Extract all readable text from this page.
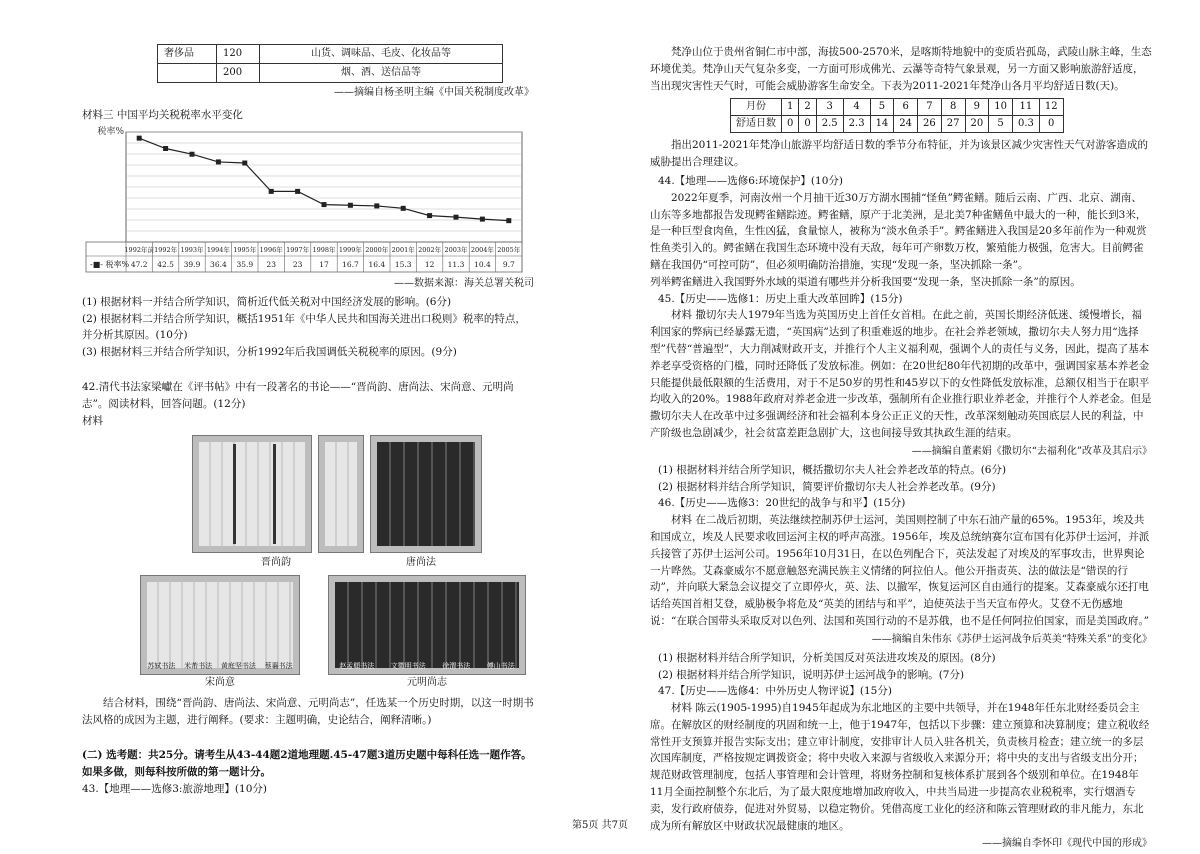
奢侈品	120	山货、调味品、毛皮、化妆品等
	200	烟、酒、送信品等

——摘编自杨圣明主编《中国关税制度改革》

材料三 中国平均关税税率水平变化

税率%
1992年前 1992年 1993年 1994年 1995年 1996年 1997年 1998年 1999年 2000年 2001年 2002年 2003年 2004年 2005年
-■- 税率% 47.2 42.5 39.9 36.4 35.9 23 23 17 16.7 16.4 15.3 12 11.3 10.4 9.7

——数据来源：海关总署关税司

(1) 根据材料一并结合所学知识，简析近代低关税对中国经济发展的影响。(6分)

(2) 根据材料二并结合所学知识，概括1951年《中华人民共和国海关进出口税则》税率的特点，并分析其原因。(10分)

(3) 根据材料三并结合所学知识，分析1992年后我国调低关税税率的原因。(9分)

42.清代书法家梁巘在《评书帖》中有一段著名的书论——“晋尚韵、唐尚法、宋尚意、元明尚志”。阅读材料，回答问题。(12分)

材料

晋尚韵	唐尚法
苏轼书法 米芾书法 黄庭坚书法 蔡襄书法
宋尚意
赵孟頫书法 文徵明书法 徐渭书法 傅山书法
元明尚志

结合材料，围绕“晋尚韵、唐尚法、宋尚意、元明尚志”，任选某一个历史时期，以这一时期书法风格的成因为主题，进行阐释。(要求：主题明确，史论结合，阐释清晰。)

(二) 选考题：共25分。请考生从43-44题2道地理题.45-47题3道历史题中每科任选一题作答。如果多做，则每科按所做的第一题计分。

43.【地理——选修3:旅游地理】(10分)

梵净山位于贵州省铜仁市中部，海拔500-2570米，是喀斯特地貌中的变质岩孤岛，武陵山脉主峰，生态环境优美。梵净山天气复杂多变，一方面可形成佛光、云瀑等奇特气象景观，另一方面又影响旅游舒适度，当出现灾害性天气时，可能会威胁游客生命安全。下表为2011-2021年梵净山各月平均舒适日数(天)。

月份	1	2	3	4	5	6	7	8	9	10	11	12
舒适日数	0	0	2.5	2.3	14	24	26	27	20	5	0.3	0

指出2011-2021年梵净山旅游平均舒适日数的季节分布特征，并为该景区减少灾害性天气对游客造成的威胁提出合理建议。

44.【地理——选修6:环境保护】(10分)

2022年夏季，河南汝州一个月抽干近30万方湖水围捕“怪鱼”鳄雀鳝。随后云南、广西、北京、湖南、山东等多地都报告发现鳄雀鳝踪迹。鳄雀鳝，原产于北美洲，是北美7种雀鳝鱼中最大的一种，能长到3米，是一种巨型食肉鱼，生性凶猛，食量惊人，被称为“淡水鱼杀手”。鳄雀鳝进入我国是20多年前作为一种观赏性鱼类引入的。鳄雀鳝在我国生态环境中没有天敌，每年可产卵数万枚，繁殖能力极强，危害大。目前鳄雀鳝在我国仍“可控可防”，但必须明确防治措施，实现“发现一条，坚决抓除一条”。

列举鳄雀鳝进入我国野外水域的渠道有哪些并分析我国要“发现一条，坚决抓除一条”的原因。

45.【历史——选修1：历史上重大改革回眸】(15分)

材料 撒切尔夫人1979年当选为英国历史上首任女首相。在此之前，英国长期经济低迷、缓慢增长，福利国家的弊病已经暴露无遗，“英国病”达到了积重难返的地步。在社会养老领域，撒切尔夫人努力用“选择型”代替“普遍型”，大力削减财政开支，并推行个人主义福利观，强调个人的责任与义务，因此，提高了基本养老享受资格的门槛，同时还降低了发放标准。例如：在20世纪80年代初期的改革中，强调国家基本养老金只能提供最低限额的生活费用，对于不足50岁的男性和45岁以下的女性降低发放标准，总额仅相当于在职平均收入的20%。1988年政府对养老金进一步改革，强制所有企业推行职业养老金，并推行个人养老金。但是撒切尔夫人在改革中过多强调经济和社会福利本身公正正义的天性，改革深刻触动英国底层人民的利益，中产阶级也急剧减少，社会贫富差距急剧扩大，这也间接导致其执政生涯的结束。

——摘编自董素娟《撒切尔“去福利化”改革及其启示》

(1) 根据材料并结合所学知识，概括撒切尔夫人社会养老改革的特点。(6分)

(2) 根据材料并结合所学知识，简要评价撒切尔夫人社会养老改革。(9分)

46.【历史——选修3：20世纪的战争与和平】(15分)

材料 在二战后初期，英法继续控制苏伊士运河，美国则控制了中东石油产量的65%。1953年，埃及共和国成立，埃及人民要求收回运河主权的呼声高涨。1956年，埃及总统纳赛尔宣布国有化苏伊士运河，并派兵接管了苏伊士运河公司。1956年10月31日，在以色列配合下，英法发起了对埃及的军事攻击，世界舆论一片哗然。艾森豪威尔不愿意触怒充满民族主义情绪的阿拉伯人。他公开指责英、法的做法是“错误的行动”，并向联大紧急会议提交了立即停火，英、法、以撤军，恢复运河区自由通行的提案。艾森豪威尔还打电话给英国首相艾登，威胁极争将危及“英美的团结与和平”，迫使英法于当天宣布停火。艾登不无伤感地说：“在联合国带头采取反对以色列、法国和英国行动的不是苏俄，也不是任何阿拉伯国家，而是美国政府。”

——摘编自朱伟东《苏伊士运河战争后英美“特殊关系”的变化》

(1) 根据材料并结合所学知识，分析美国反对英法进攻埃及的原因。(8分)

(2) 根据材料并结合所学知识，说明苏伊士运河战争的影响。(7分)

47.【历史——选修4：中外历史人物评说】(15分)

材料 陈云(1905-1995)自1945年起成为东北地区的主要中共领导，并在1948年任东北财经委员会主席。在解放区的财经制度的巩固和统一上，他于1947年，包括以下步骤：建立预算和决算制度；建立税收经常性开支预算并报告实际支出；建立审计制度，安排审计人员入驻各机关，负责核月检查；建立统一的多层次国库制度，严格按规定调拨资金；将中央收入来源与省级收入来源分开；将中央的支出与省级支出分开；规范财政管理制度，包括人事管理和会计管理，将财务控制和复核体系扩展到各个级别和单位。在1948年11月全面控制整个东北后，为了最大限度地增加政府收入，中共当局进一步提高农业税税率，实行烟酒专卖，发行政府债券，促进对外贸易，以稳定物价。凭借高度工业化的经济和陈云管理财政的非凡能力，东北成为所有解放区中财政状况最健康的地区。

——摘编自李怀印《现代中国的形成》

第5页 共7页
